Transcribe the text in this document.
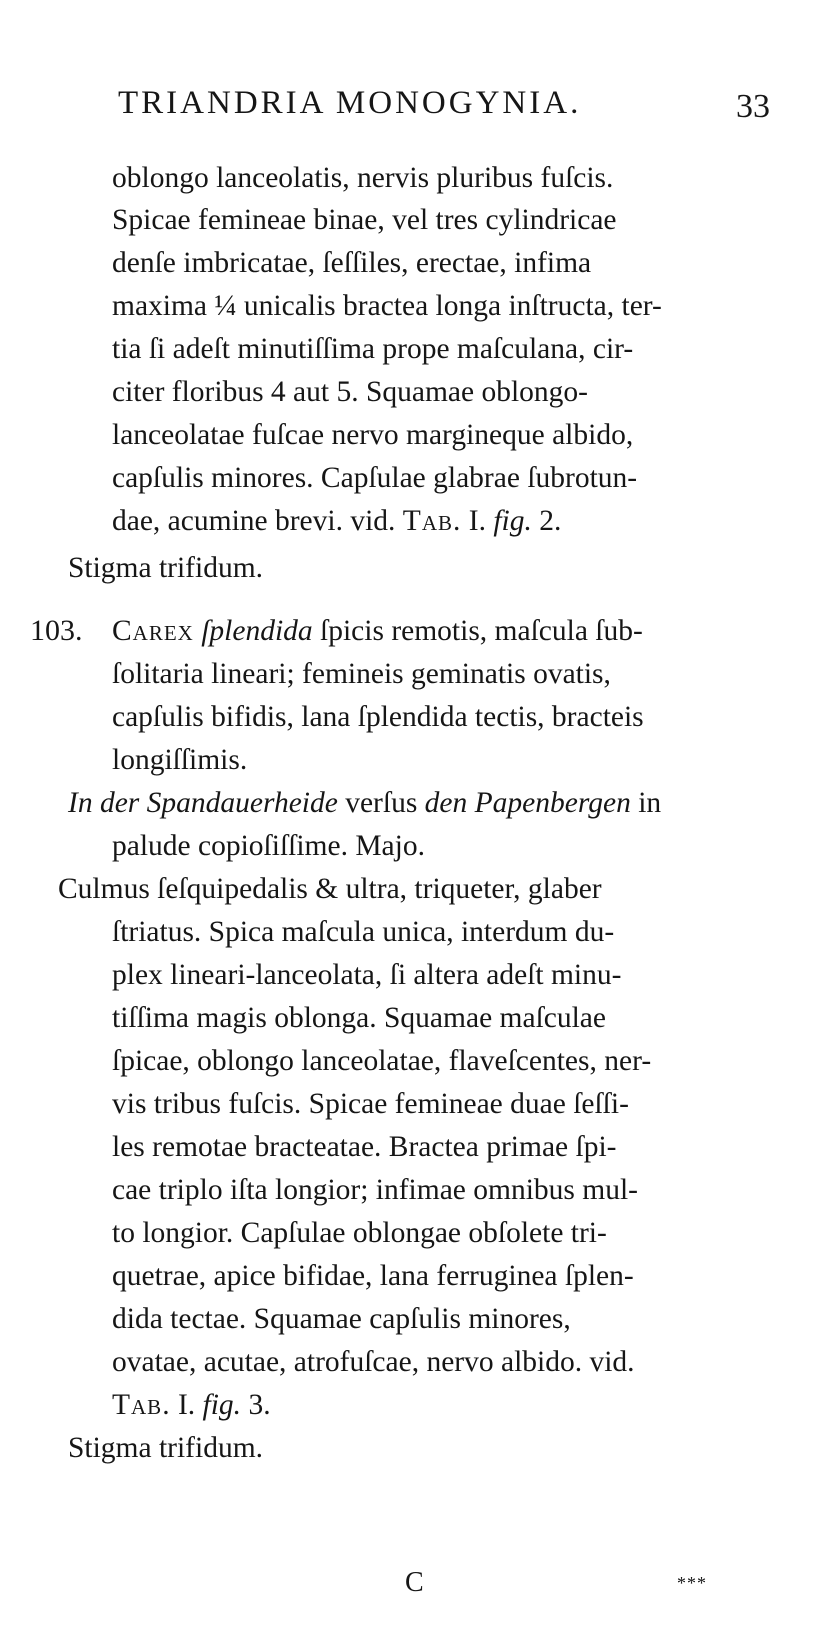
TRIANDRIA MONOGYNIA.	33
oblongo lanceolatis, nervis pluribus fuſcis.
Spicae femineae binae, vel tres cylindricae
denſe imbricatae, ſeſſiles, erectae, infima
maxima ¼ unicalis bractea longa inſtructa, ter-
tia ſi adeſt minutiſſima prope maſculana, cir-
citer floribus 4 aut 5. Squamae oblongo-
lanceolatae fuſcae nervo margineque albido,
capſulis minores. Capſulae glabrae ſubrotun-
dae, acumine brevi. vid. Tab. I. fig. 2.
Stigma trifidum.
103. Carex ſplendida ſpicis remotis, maſcula ſub-
ſolitaria lineari; femineis geminatis ovatis,
capſulis bifidis, lana ſplendida tectis, bracteis
longiſſimis.
In der Spandauerheide verſus den Papenbergen in
palude copioſiſſime. Majo.
Culmus ſeſquipedalis & ultra, triqueter, glaber
ſtriatus. Spica maſcula unica, interdum du-
plex lineari-lanceolata, ſi altera adeſt minu-
tiſſima magis oblonga. Squamae maſculae
ſpicae, oblongo lanceolatae, flaveſcentes, ner-
vis tribus fuſcis. Spicae femineae duae ſeſſi-
les remotae bracteatae. Bractea primae ſpi-
cae triplo iſta longior; infimae omnibus mul-
to longior. Capſulae oblongae obſolete tri-
quetrae, apice bifidae, lana ferruginea ſplen-
dida tectae. Squamae capſulis minores,
ovatae, acutae, atrofuſcae, nervo albido. vid.
Tab. I. fig. 3.
Stigma trifidum.
C	***
